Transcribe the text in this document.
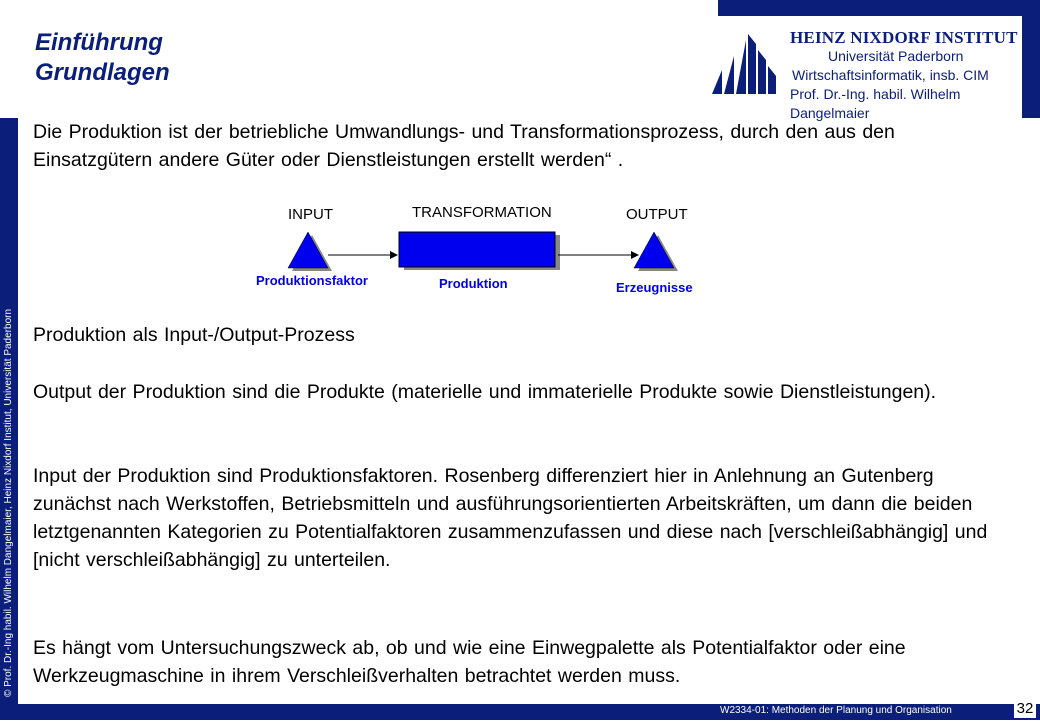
© Prof. Dr.-Ing habil. Wilhelm Dangelmaier, Heinz Nixdorf Institut, Universität Paderborn
Einführung
Grundlagen
HEINZ NIXDORF INSTITUT
Universität Paderborn
Wirtschaftsinformatik, insb. CIM
Prof. Dr.-Ing. habil. Wilhelm Dangelmaier
Die Produktion ist der betriebliche Umwandlungs- und Transformationsprozess, durch den aus den Einsatzgütern andere Güter oder Dienstleistungen erstellt werden“ .
INPUT	TRANSFORMATION	OUTPUT
Produktionsfaktor	Produktion	Erzeugnisse
Produktion als Input-/Output-Prozess
Output der Produktion sind die Produkte (materielle und immaterielle Produkte sowie Dienstleistungen).
Input der Produktion sind Produktionsfaktoren. Rosenberg differenziert hier in Anlehnung an Gutenberg zunächst nach Werkstoffen, Betriebsmitteln und ausführungsorientierten Arbeitskräften, um dann die beiden letztgenannten Kategorien zu Potentialfaktoren zusammenzufassen und diese nach [verschleißabhängig] und [nicht verschleißabhängig] zu unterteilen.
Es hängt vom Untersuchungszweck ab, ob und wie eine Einwegpalette als Potentialfaktor oder eine Werkzeugmaschine in ihrem Verschleißverhalten betrachtet werden muss.
W2334-01: Methoden der Planung und Organisation	32
